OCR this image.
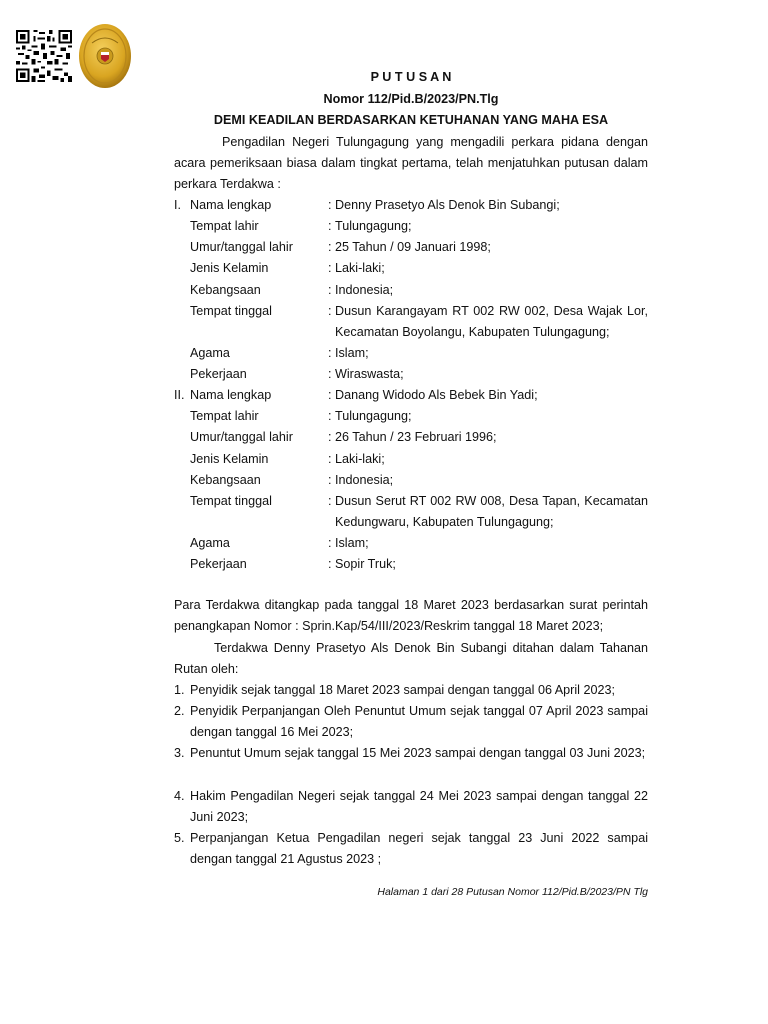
P U T U S A N
Nomor 112/Pid.B/2023/PN.Tlg
DEMI KEADILAN BERDASARKAN KETUHANAN YANG MAHA ESA
Pengadilan Negeri Tulungagung yang mengadili perkara pidana dengan acara pemeriksaan biasa dalam tingkat pertama, telah menjatuhkan putusan dalam perkara Terdakwa :
I. Nama lengkap	: Denny Prasetyo Als Denok Bin Subangi;
Tempat lahir	: Tulungagung;
Umur/tanggal lahir	: 25 Tahun / 09 Januari 1998;
Jenis Kelamin	: Laki-laki;
Kebangsaan	: Indonesia;
Tempat tinggal	: Dusun Karangayam RT 002 RW 002, Desa Wajak Lor,
Kecamatan Boyolangu, Kabupaten Tulungagung;
Agama	: Islam;
Pekerjaan	: Wiraswasta;
II. Nama lengkap	: Danang Widodo Als Bebek Bin Yadi;
Tempat lahir	: Tulungagung;
Umur/tanggal lahir	: 26 Tahun / 23 Februari 1996;
Jenis Kelamin	: Laki-laki;
Kebangsaan	: Indonesia;
Tempat tinggal	: Dusun Serut RT 002 RW 008, Desa Tapan, Kecamatan
Kedungwaru, Kabupaten Tulungagung;
Agama	: Islam;
Pekerjaan	: Sopir Truk;
Para Terdakwa ditangkap pada tanggal 18 Maret 2023 berdasarkan surat perintah penangkapan Nomor : Sprin.Kap/54/III/2023/Reskrim tanggal 18 Maret 2023;
Terdakwa Denny Prasetyo Als Denok Bin Subangi ditahan dalam Tahanan Rutan oleh:
1. Penyidik sejak tanggal 18 Maret 2023 sampai dengan tanggal 06 April 2023;
2. Penyidik Perpanjangan Oleh Penuntut Umum sejak tanggal 07 April 2023 sampai dengan tanggal 16 Mei 2023;
3. Penuntut Umum sejak tanggal 15 Mei 2023 sampai dengan tanggal 03 Juni 2023;
4. Hakim Pengadilan Negeri sejak tanggal 24 Mei 2023 sampai dengan tanggal 22 Juni 2023;
5. Perpanjangan Ketua Pengadilan negeri sejak tanggal 23 Juni 2022 sampai dengan tanggal 21 Agustus 2023 ;
Halaman 1 dari 28 Putusan Nomor 112/Pid.B/2023/PN Tlg
